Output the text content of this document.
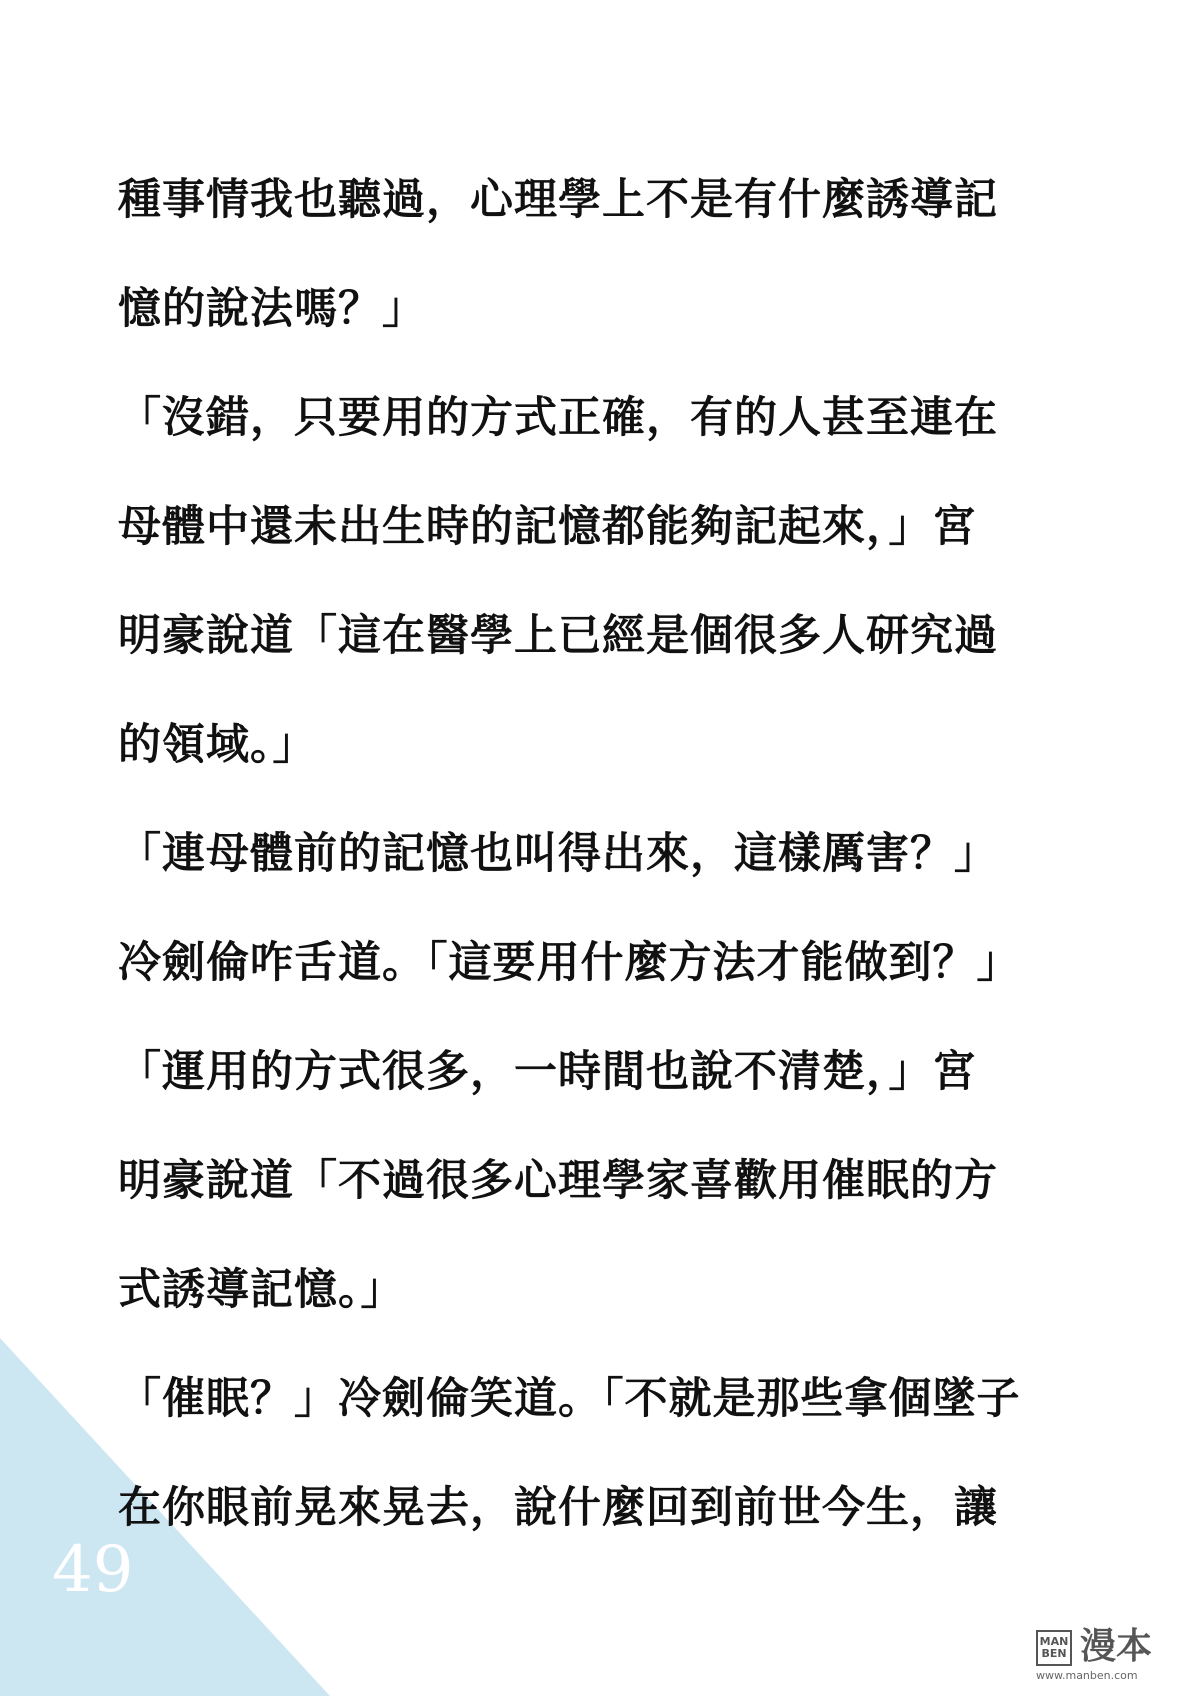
49
種事情我也聽過，心理學上不是有什麼誘導記
憶的說法嗎？」
「沒錯，只要用的方式正確，有的人甚至連在
母體中還未出生時的記憶都能夠記起來，」宮
明豪說道「這在醫學上已經是個很多人研究過
的領域。」
「連母體前的記憶也叫得出來，這樣厲害？」
冷劍倫咋舌道。「這要用什麼方法才能做到？」
「運用的方式很多，一時間也說不清楚，」宮
明豪說道「不過很多心理學家喜歡用催眠的方
式誘導記憶。」
「催眠？」冷劍倫笑道。「不就是那些拿個墜子
在你眼前晃來晃去，說什麼回到前世今生，讓
MAN BEN 漫本
www.manben.com
